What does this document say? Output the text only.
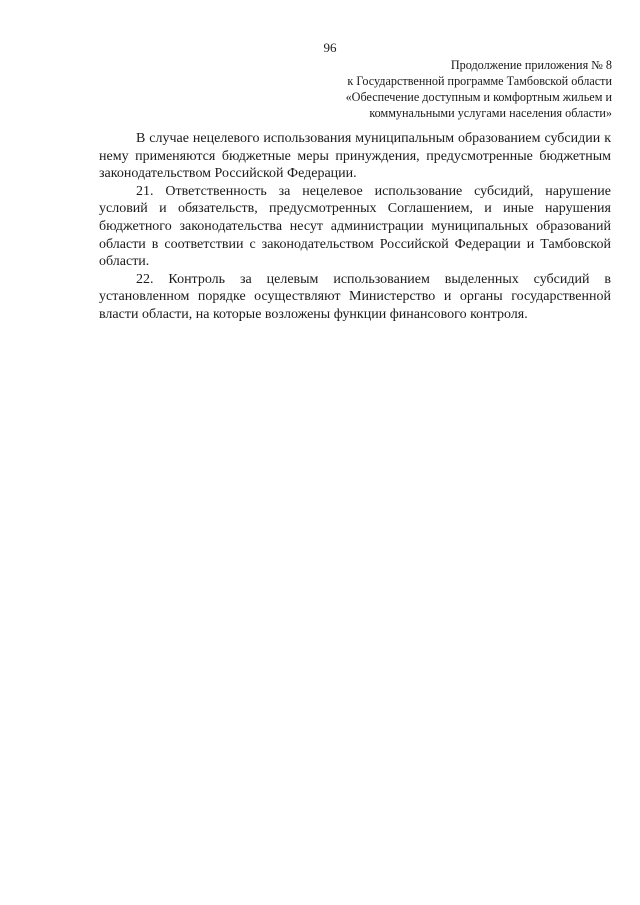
96
Продолжение приложения № 8
к Государственной программе Тамбовской области
«Обеспечение доступным и комфортным жильем и
коммунальными услугами населения области»

В случае нецелевого использования муниципальным образованием субсидии к нему применяются бюджетные меры принуждения, предусмотренные бюджетным законодательством Российской Федерации.

21. Ответственность за нецелевое использование субсидий, нарушение условий и обязательств, предусмотренных Соглашением, и иные нарушения бюджетного законодательства несут администрации муниципальных образований области в соответствии с законодательством Российской Федерации и Тамбовской области.

22. Контроль за целевым использованием выделенных субсидий в установленном порядке осуществляют Министерство и органы государственной власти области, на которые возложены функции финансового контроля.
